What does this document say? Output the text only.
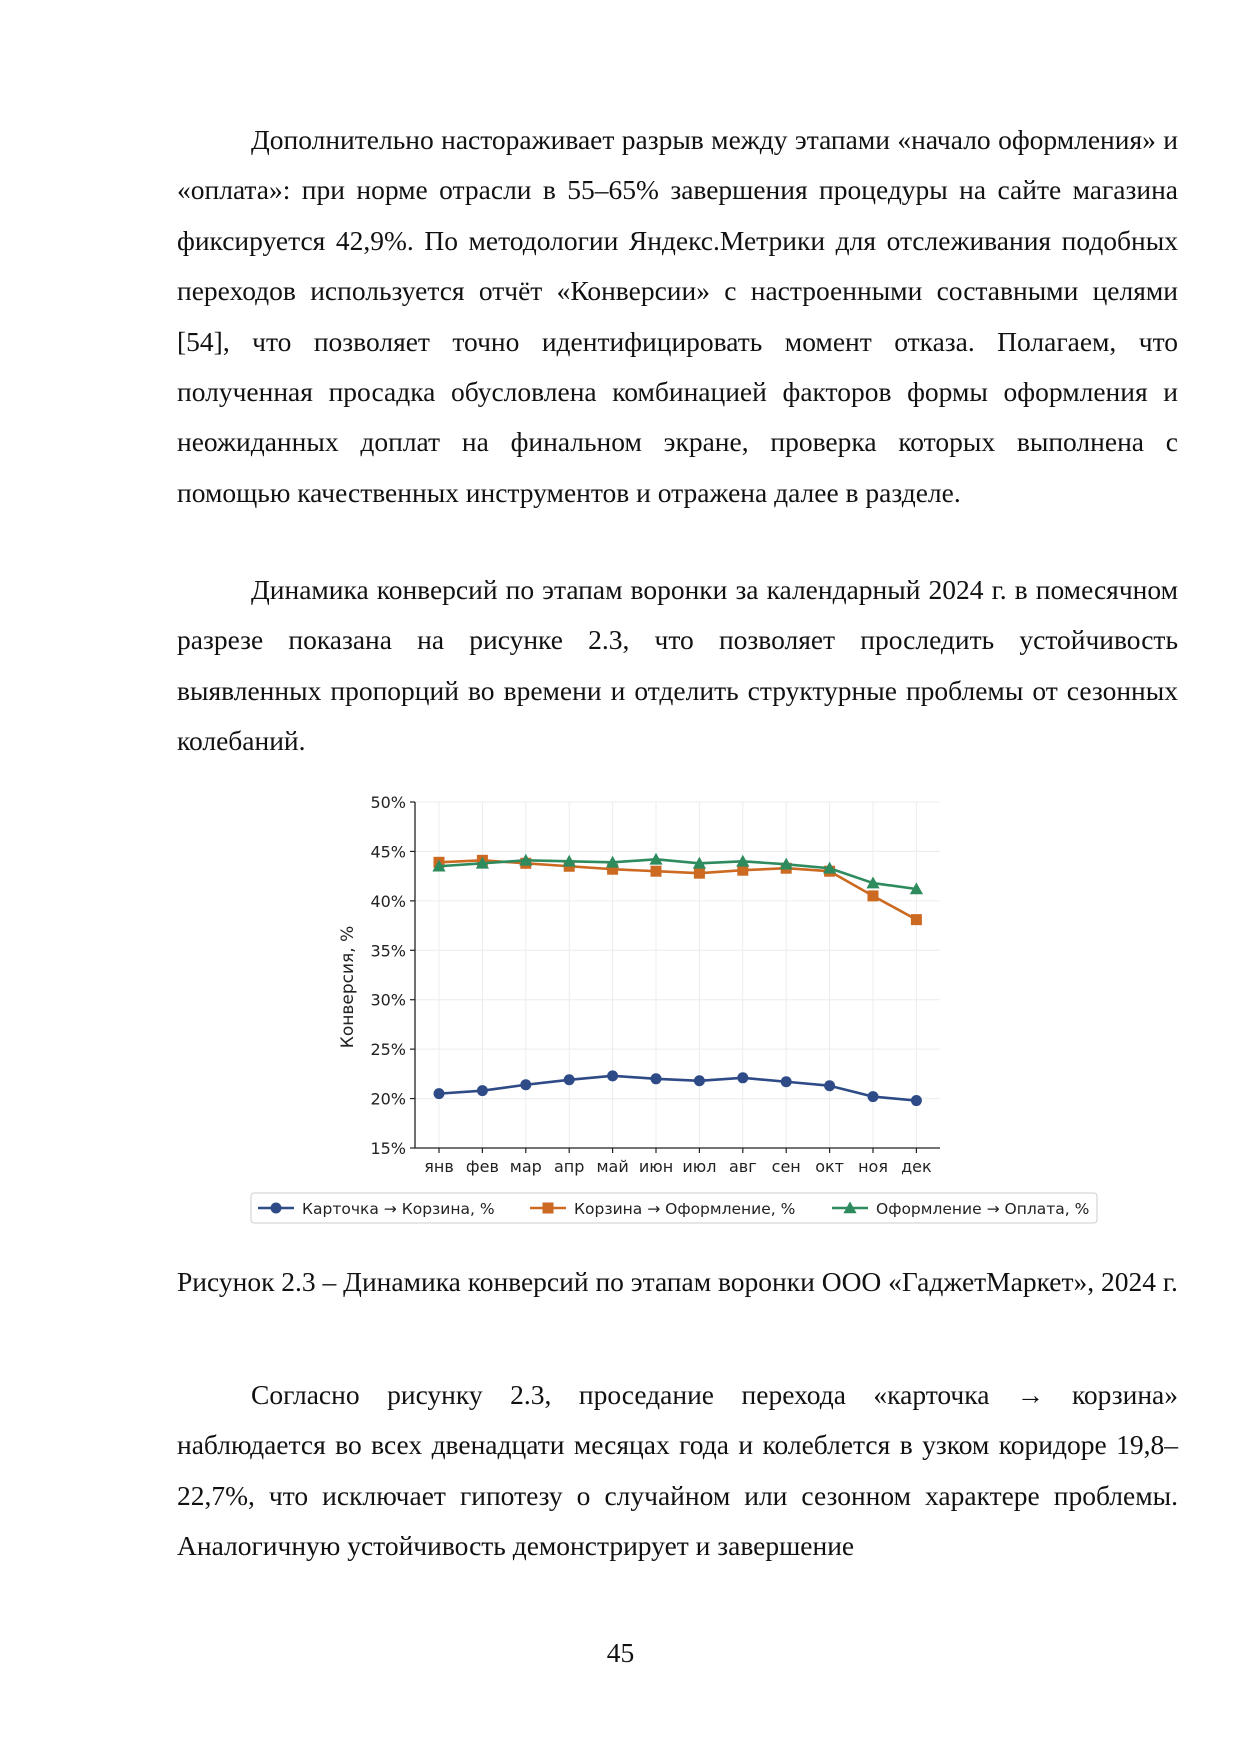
Дополнительно настораживает разрыв между этапами «начало оформления» и «оплата»: при норме отрасли в 55–65% завершения процедуры на сайте магазина фиксируется 42,9%. По методологии Яндекс.Метрики для отслеживания подобных переходов используется отчёт «Конверсии» с настроенными составными целями [54], что позволяет точно идентифицировать момент отказа. Полагаем, что полученная просадка обусловлена комбинацией факторов формы оформления и неожиданных доплат на финальном экране, проверка которых выполнена с помощью качественных инструментов и отражена далее в разделе.

Динамика конверсий по этапам воронки за календарный 2024 г. в помесячном разрезе показана на рисунке 2.3, что позволяет проследить устойчивость выявленных пропорций во времени и отделить структурные проблемы от сезонных колебаний.

15%
20%
25%
30%
35%
40%
45%
50%
янв фев мар апр май июн июл авг сен окт ноя дек
Конверсия, %
Карточка → Корзина, %	Корзина → Оформление, %	Оформление → Оплата, %

Рисунок 2.3 – Динамика конверсий по этапам воронки ООО «ГаджетМаркет», 2024 г.

Согласно рисунку 2.3, проседание перехода «карточка → корзина» наблюдается во всех двенадцати месяцах года и колеблется в узком коридоре 19,8–22,7%, что исключает гипотезу о случайном или сезонном характере проблемы. Аналогичную устойчивость демонстрирует и завершение

45
